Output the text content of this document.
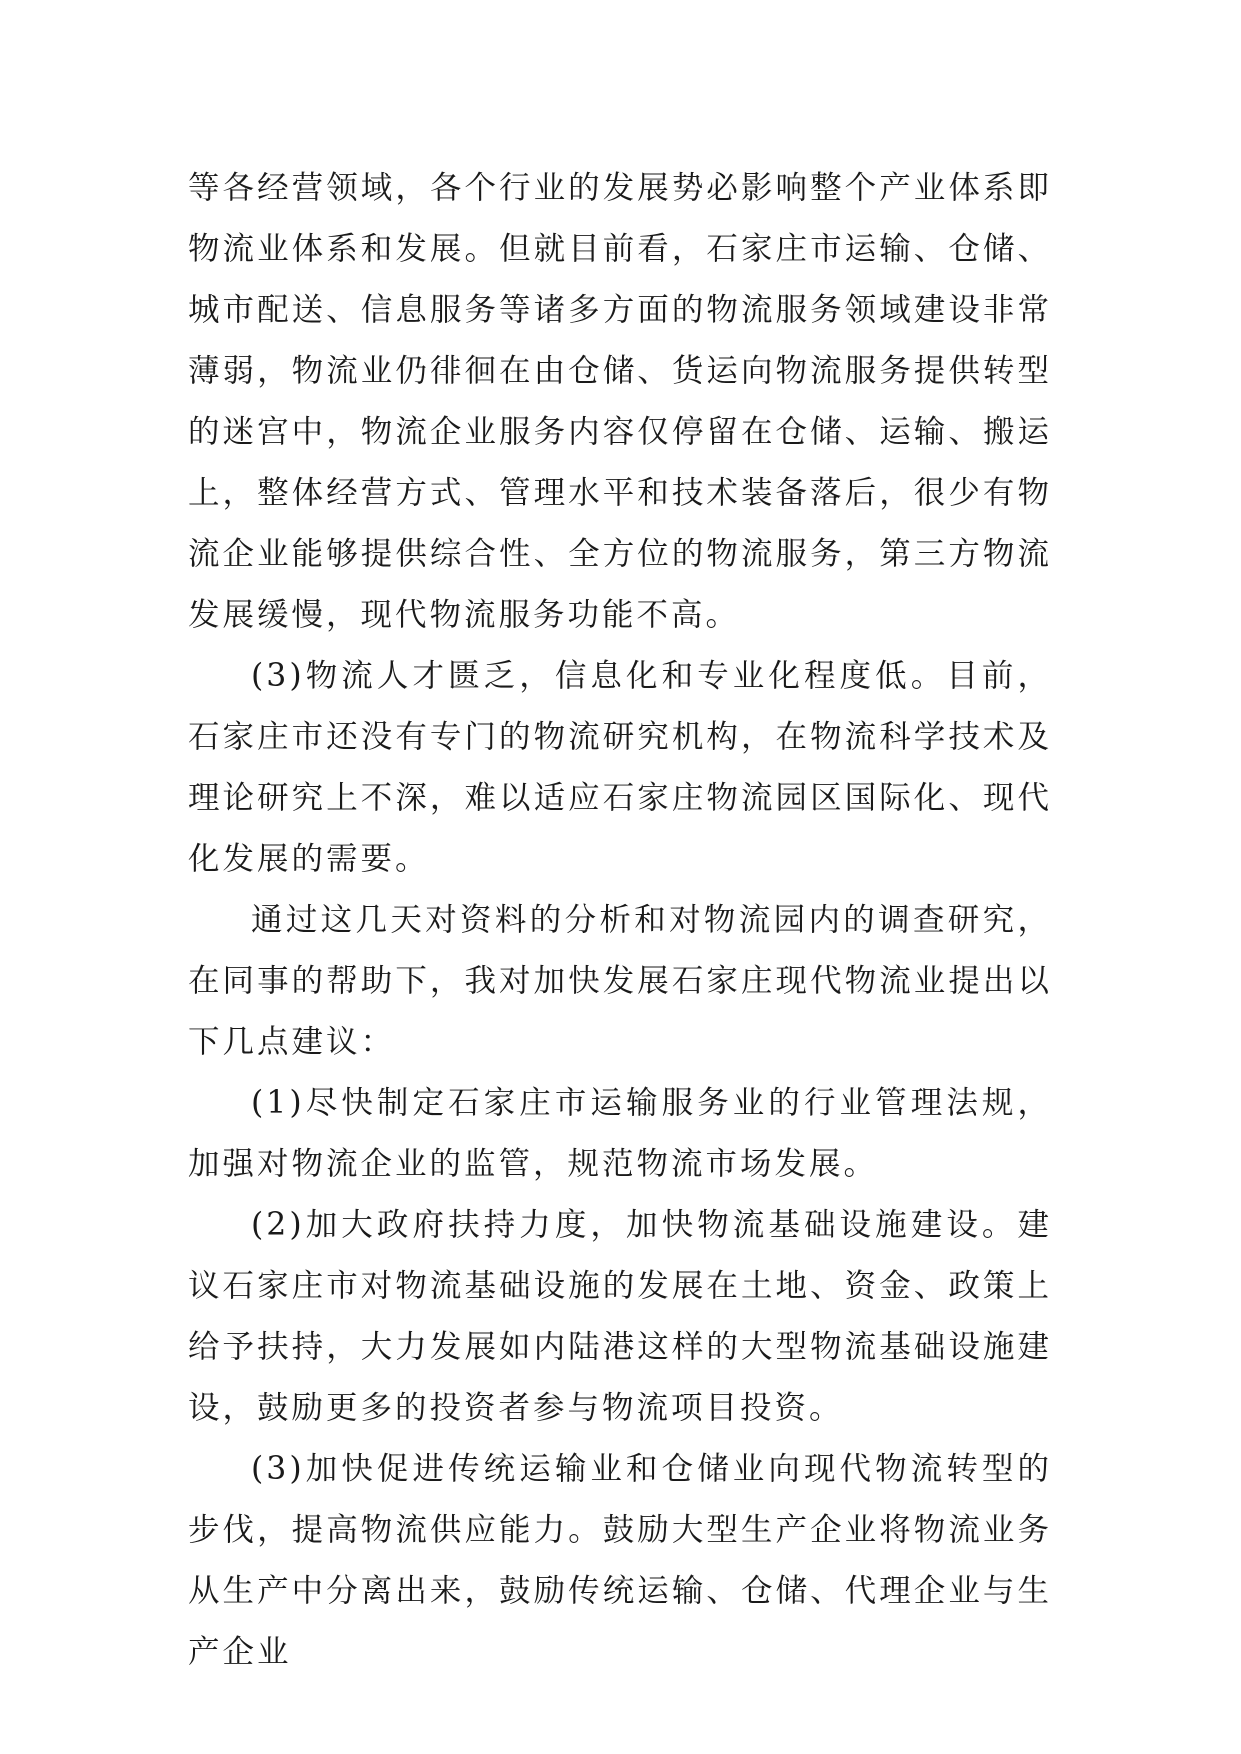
等各经营领域，各个行业的发展势必影响整个产业体系即物流业体系和发展。但就目前看，石家庄市运输、仓储、城市配送、信息服务等诸多方面的物流服务领域建设非常薄弱，物流业仍徘徊在由仓储、货运向物流服务提供转型的迷宫中，物流企业服务内容仅停留在仓储、运输、搬运上，整体经营方式、管理水平和技术装备落后，很少有物流企业能够提供综合性、全方位的物流服务，第三方物流发展缓慢，现代物流服务功能不高。

(3)物流人才匮乏，信息化和专业化程度低。目前，石家庄市还没有专门的物流研究机构，在物流科学技术及理论研究上不深，难以适应石家庄物流园区国际化、现代化发展的需要。

通过这几天对资料的分析和对物流园内的调查研究，在同事的帮助下，我对加快发展石家庄现代物流业提出以下几点建议：

(1)尽快制定石家庄市运输服务业的行业管理法规，加强对物流企业的监管，规范物流市场发展。

(2)加大政府扶持力度，加快物流基础设施建设。建议石家庄市对物流基础设施的发展在土地、资金、政策上给予扶持，大力发展如内陆港这样的大型物流基础设施建设，鼓励更多的投资者参与物流项目投资。

(3)加快促进传统运输业和仓储业向现代物流转型的步伐，提高物流供应能力。鼓励大型生产企业将物流业务从生产中分离出来，鼓励传统运输、仓储、代理企业与生产企业
